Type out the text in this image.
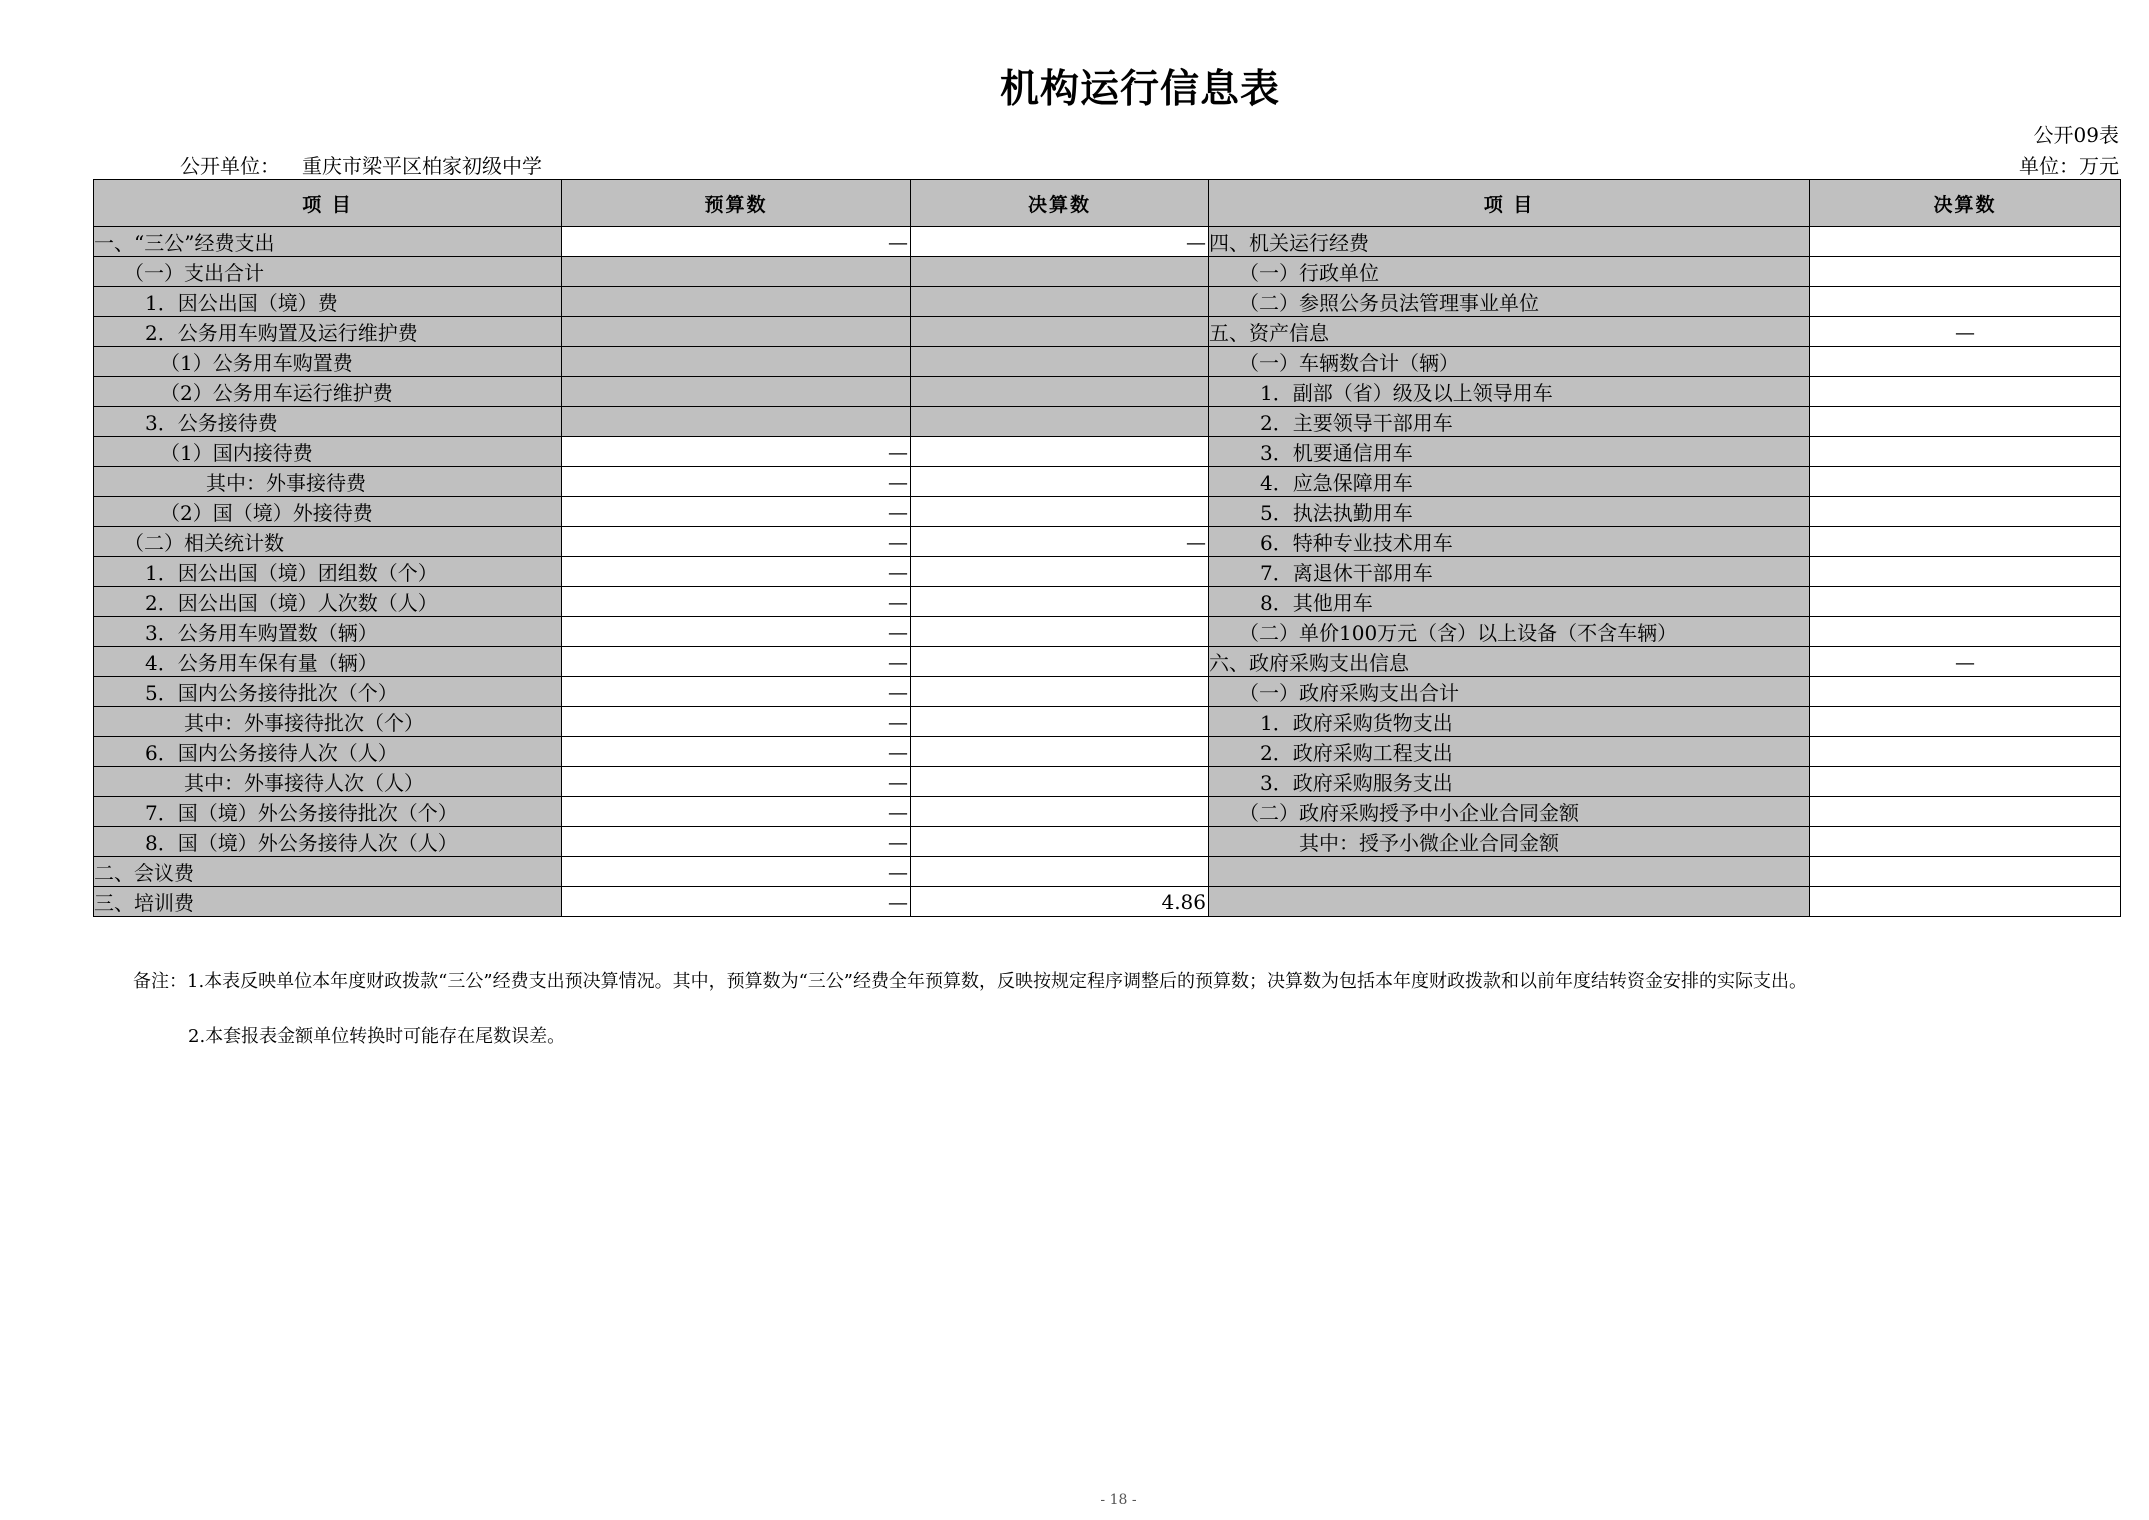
机构运行信息表
公开09表
公开单位： 重庆市梁平区柏家初级中学	单位：万元
项 目	预算数	决算数	项 目	决算数
一、“三公”经费支出	—	—	四、机关运行经费	
（一）支出合计			（一）行政单位	
1．因公出国（境）费			（二）参照公务员法管理事业单位	
2．公务用车购置及运行维护费			五、资产信息	—
（1）公务用车购置费			（一）车辆数合计（辆）	
（2）公务用车运行维护费			1．副部（省）级及以上领导用车	
3．公务接待费			2．主要领导干部用车	
（1）国内接待费	—		3．机要通信用车	
其中：外事接待费	—		4．应急保障用车	
（2）国（境）外接待费	—		5．执法执勤用车	
（二）相关统计数	—	—	6．特种专业技术用车	
1．因公出国（境）团组数（个）	—		7．离退休干部用车	
2．因公出国（境）人次数（人）	—		8．其他用车	
3．公务用车购置数（辆）	—		（二）单价100万元（含）以上设备（不含车辆）	
4．公务用车保有量（辆）	—		六、政府采购支出信息	—
5．国内公务接待批次（个）	—		（一）政府采购支出合计	
其中：外事接待批次（个）	—		1．政府采购货物支出	
6．国内公务接待人次（人）	—		2．政府采购工程支出	
其中：外事接待人次（人）	—		3．政府采购服务支出	
7．国（境）外公务接待批次（个）	—		（二）政府采购授予中小企业合同金额	
8．国（境）外公务接待人次（人）	—		其中：授予小微企业合同金额	
二、会议费	—			
三、培训费	—	4.86		
备注：1.本表反映单位本年度财政拨款“三公”经费支出预决算情况。其中，预算数为“三公”经费全年预算数，反映按规定程序调整后的预算数；决算数为包括本年度财政拨款和以前年度结转资金安排的实际支出。
2.本套报表金额单位转换时可能存在尾数误差。
- 18 -
